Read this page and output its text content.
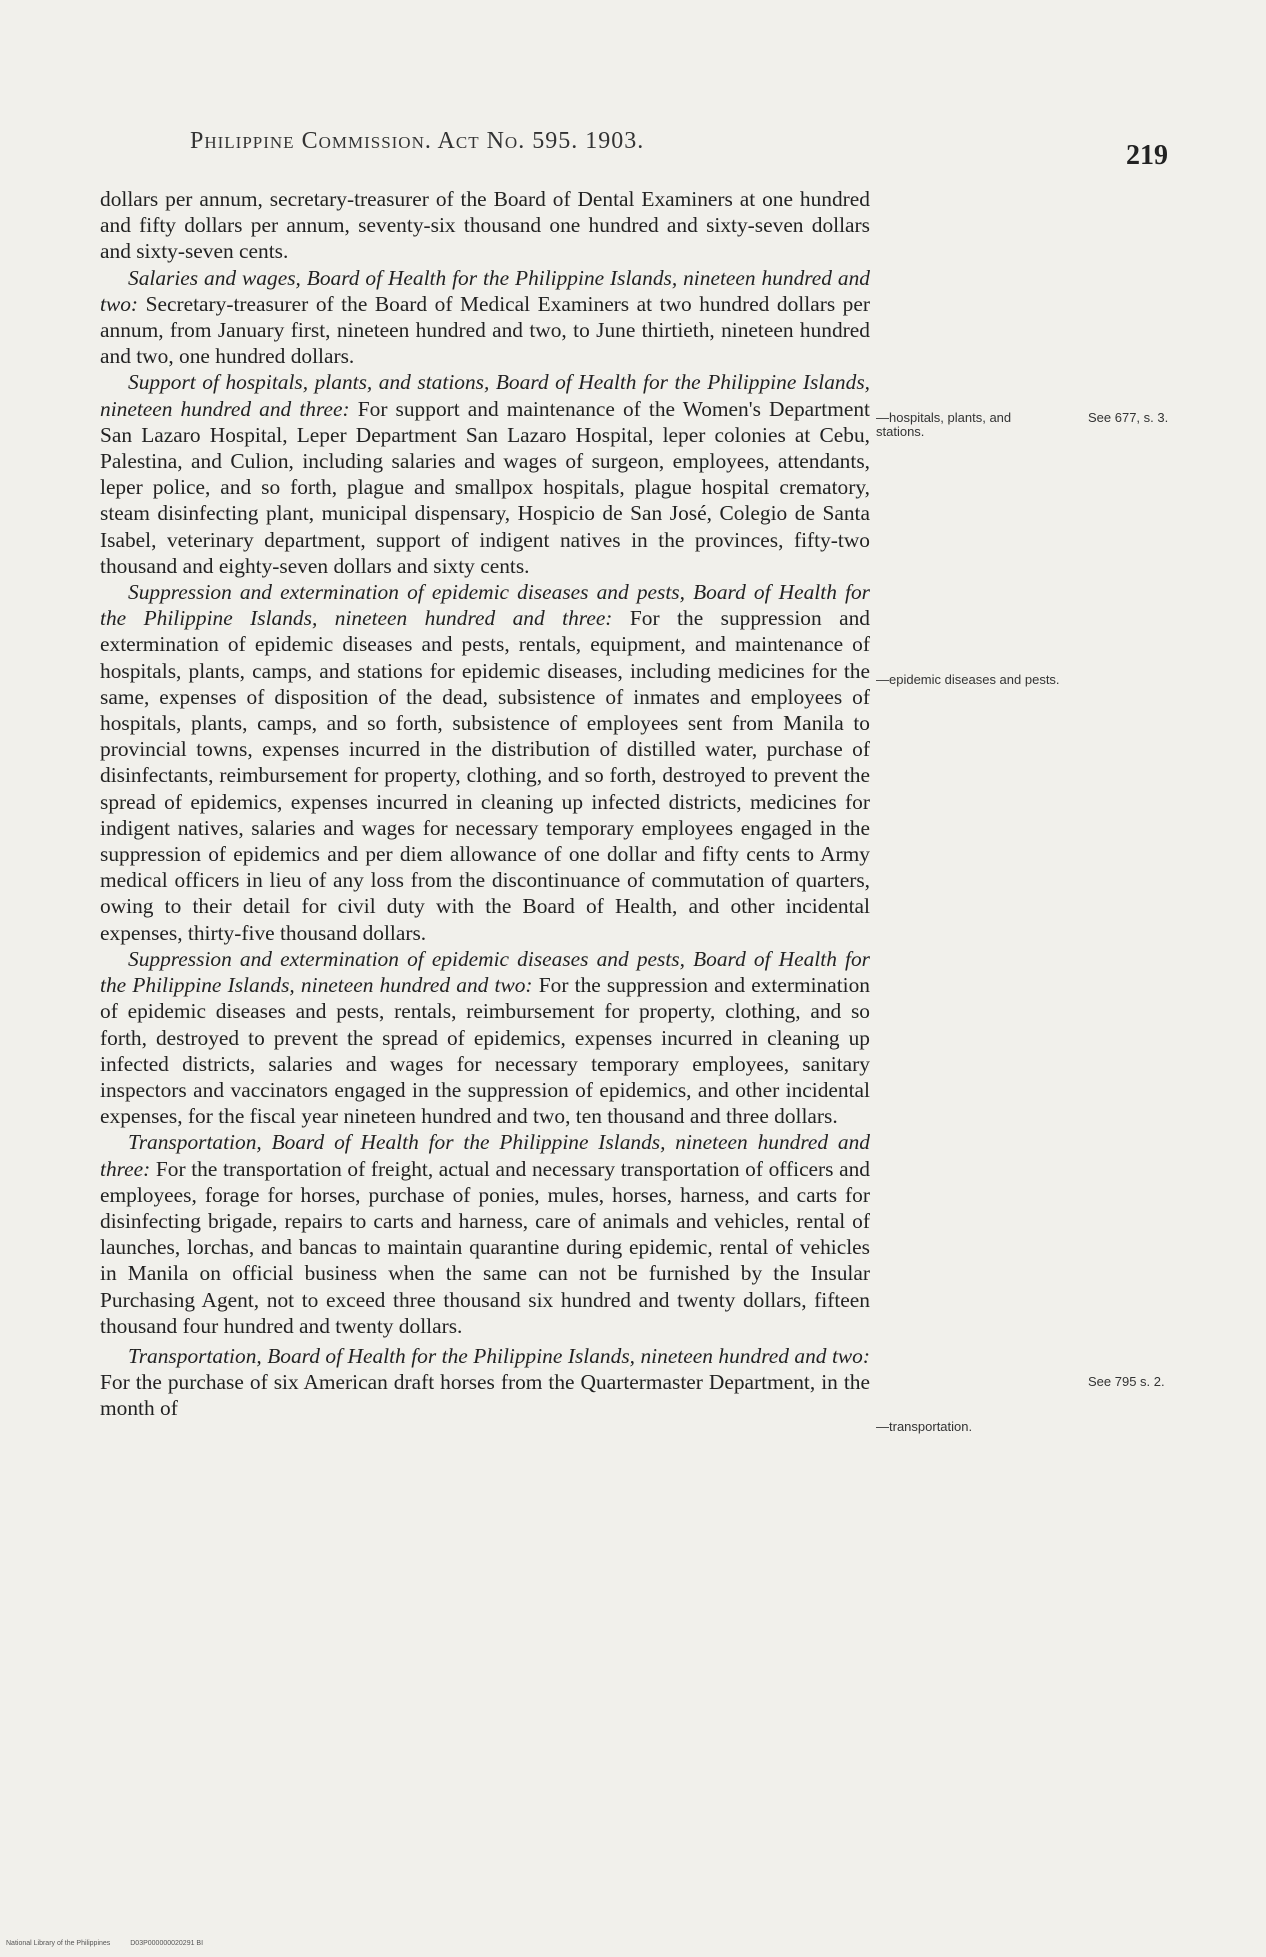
Philippine Commission. Act No. 595. 1903.	219

dollars per annum, secretary-treasurer of the Board of Dental Examiners at one hundred and fifty dollars per annum, seventy-six thousand one hundred and sixty-seven dollars and sixty-seven cents.

Salaries and wages, Board of Health for the Philippine Islands, nineteen hundred and two: Secretary-treasurer of the Board of Medical Examiners at two hundred dollars per annum, from January first, nineteen hundred and two, to June thirtieth, nineteen hundred and two, one hundred dollars.

Support of hospitals, plants, and stations, Board of Health for the Philippine Islands, nineteen hundred and three: For support and maintenance of the Women's Department San Lazaro Hospital, Leper Department San Lazaro Hospital, leper colonies at Cebu, Palestina, and Culion, including salaries and wages of surgeon, employees, attendants, leper police, and so forth, plague and smallpox hospitals, plague hospital crematory, steam disinfecting plant, municipal dispensary, Hospicio de San José, Colegio de Santa Isabel, veterinary department, support of indigent natives in the provinces, fifty-two thousand and eighty-seven dollars and sixty cents.

Suppression and extermination of epidemic diseases and pests, Board of Health for the Philippine Islands, nineteen hundred and three: For the suppression and extermination of epidemic diseases and pests, rentals, equipment, and maintenance of hospitals, plants, camps, and stations for epidemic diseases, including medicines for the same, expenses of disposition of the dead, subsistence of inmates and employees of hospitals, plants, camps, and so forth, subsistence of employees sent from Manila to provincial towns, expenses incurred in the distribution of distilled water, purchase of disinfectants, reimbursement for property, clothing, and so forth, destroyed to prevent the spread of epidemics, expenses incurred in cleaning up infected districts, medicines for indigent natives, salaries and wages for necessary temporary employees engaged in the suppression of epidemics and per diem allowance of one dollar and fifty cents to Army medical officers in lieu of any loss from the discontinuance of commutation of quarters, owing to their detail for civil duty with the Board of Health, and other incidental expenses, thirty-five thousand dollars.

Suppression and extermination of epidemic diseases and pests, Board of Health for the Philippine Islands, nineteen hundred and two: For the suppression and extermination of epidemic diseases and pests, rentals, reimbursement for property, clothing, and so forth, destroyed to prevent the spread of epidemics, expenses incurred in cleaning up infected districts, salaries and wages for necessary temporary employees, sanitary inspectors and vaccinators engaged in the suppression of epidemics, and other incidental expenses, for the fiscal year nineteen hundred and two, ten thousand and three dollars.

Transportation, Board of Health for the Philippine Islands, nineteen hundred and three: For the transportation of freight, actual and necessary transportation of officers and employees, forage for horses, purchase of ponies, mules, horses, harness, and carts for disinfecting brigade, repairs to carts and harness, care of animals and vehicles, rental of launches, lorchas, and bancas to maintain quarantine during epidemic, rental of vehicles in Manila on official business when the same can not be furnished by the Insular Purchasing Agent, not to exceed three thousand six hundred and twenty dollars, fifteen thousand four hundred and twenty dollars.

Transportation, Board of Health for the Philippine Islands, nineteen hundred and two: For the purchase of six American draft horses from the Quartermaster Department, in the month of

—hospitals, plants, and stations.
See 677, s. 3.
—epidemic diseases and pests.
See 795 s. 2.
—transportation.
National Library of the Philippines	D03P000000020291 BI
